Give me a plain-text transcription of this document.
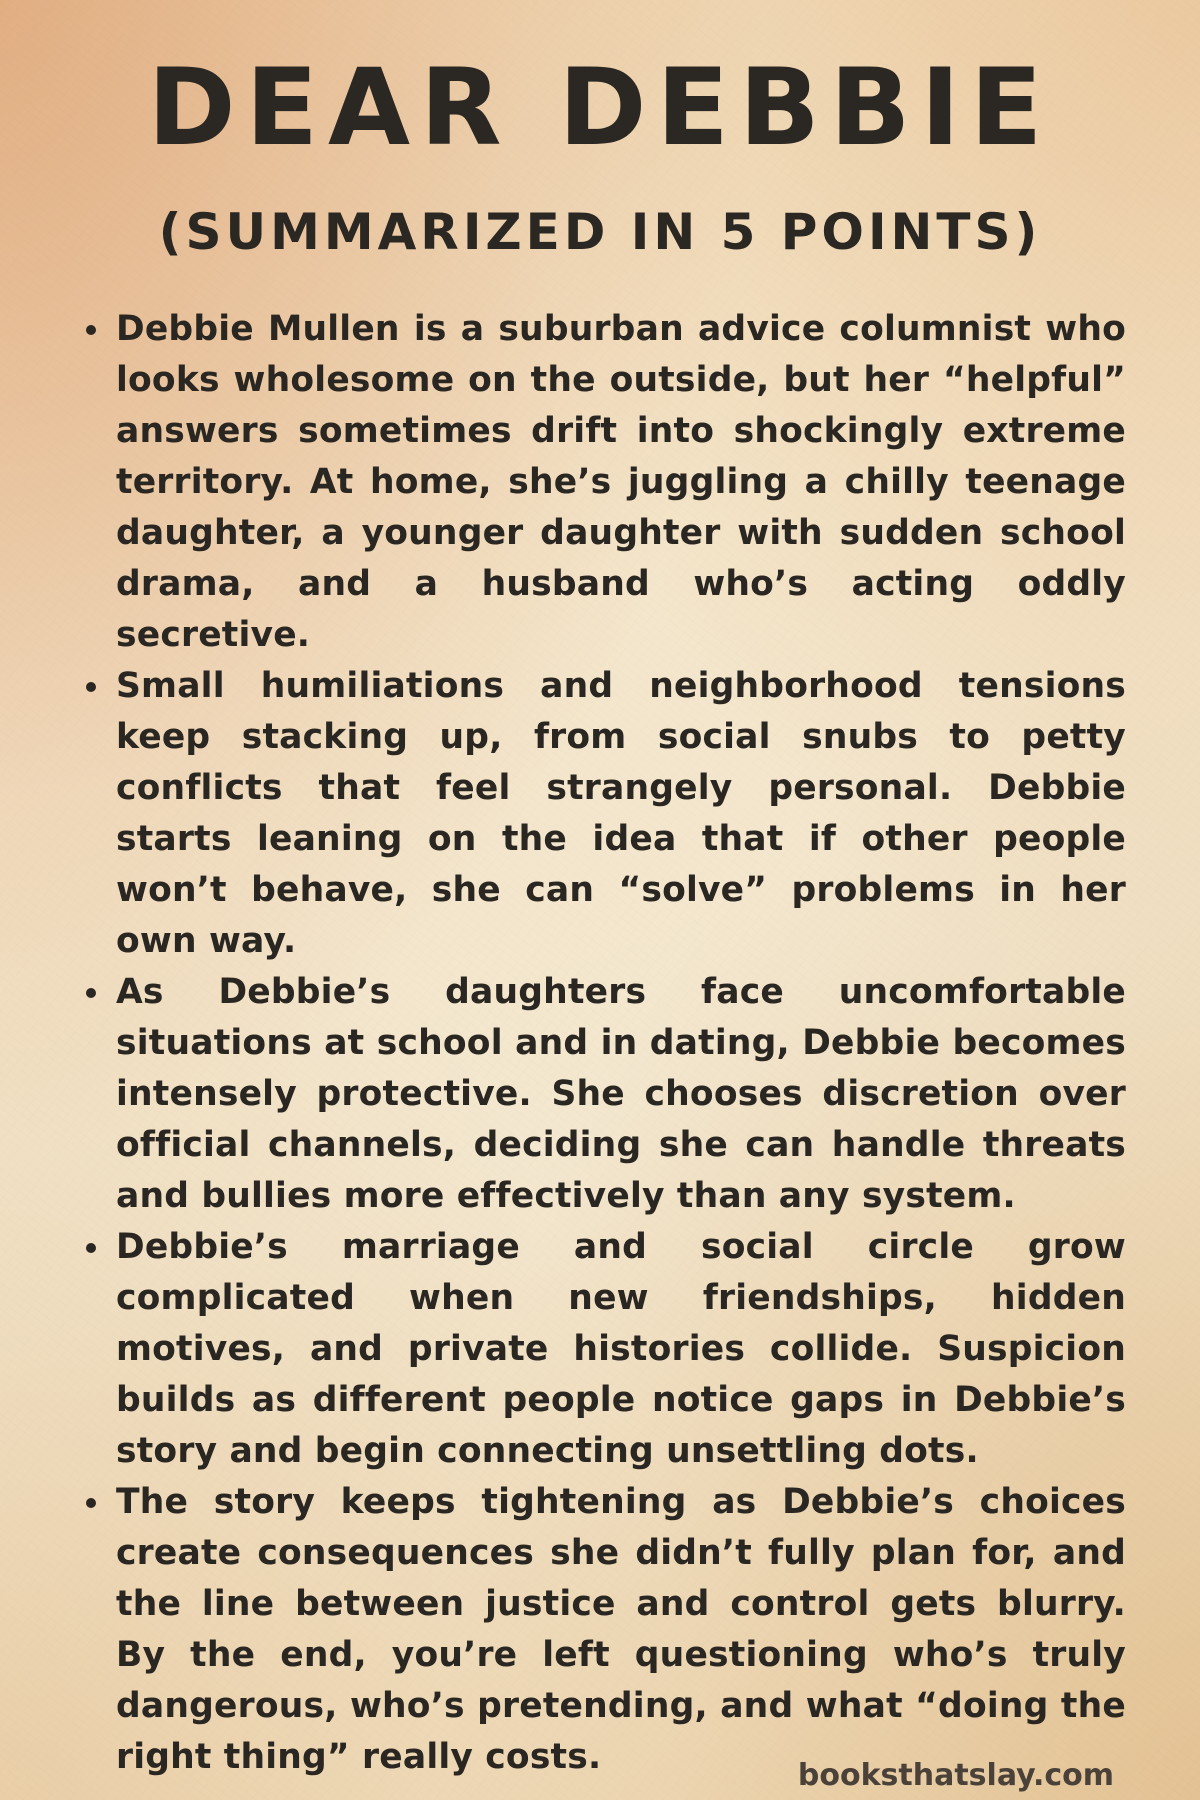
DEAR DEBBIE
(SUMMARIZED IN 5 POINTS)
Debbie Mullen is a suburban advice columnist who looks wholesome on the outside, but her “helpful” answers sometimes drift into shockingly extreme territory. At home, she’s juggling a chilly teenage daughter, a younger daughter with sudden school drama, and a husband who’s acting oddly secretive.
Small humiliations and neighborhood tensions keep stacking up, from social snubs to petty conflicts that feel strangely personal. Debbie starts leaning on the idea that if other people won’t behave, she can “solve” problems in her own way.
As Debbie’s daughters face uncomfortable situations at school and in dating, Debbie becomes intensely protective. She chooses discretion over official channels, deciding she can handle threats and bullies more effectively than any system.
Debbie’s marriage and social circle grow complicated when new friendships, hidden motives, and private histories collide. Suspicion builds as different people notice gaps in Debbie’s story and begin connecting unsettling dots.
The story keeps tightening as Debbie’s choices create consequences she didn’t fully plan for, and the line between justice and control gets blurry. By the end, you’re left questioning who’s truly dangerous, who’s pretending, and what “doing the right thing” really costs.	booksthatslay.com
